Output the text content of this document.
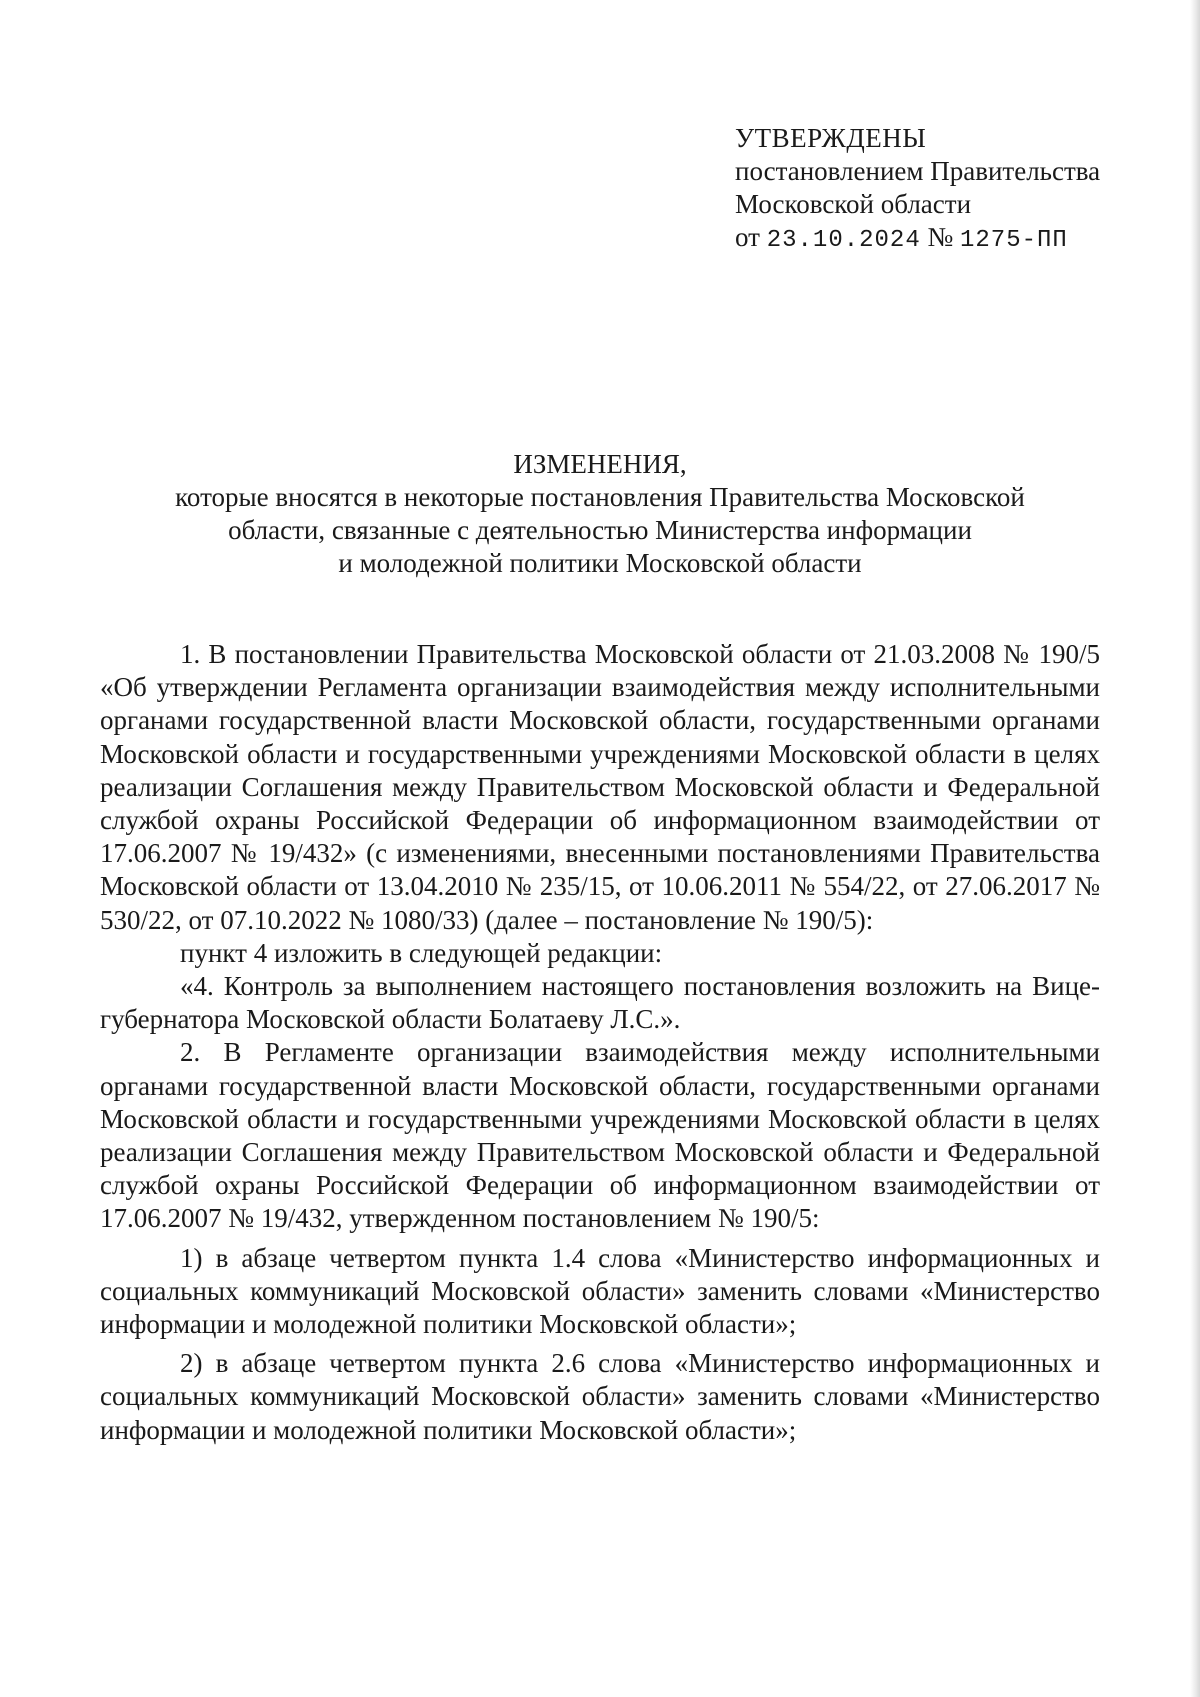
УТВЕРЖДЕНЫ
постановлением Правительства
Московской области
от 23.10.2024 № 1275-ПП
ИЗМЕНЕНИЯ,
которые вносятся в некоторые постановления Правительства Московской
области, связанные с деятельностью Министерства информации
и молодежной политики Московской области

1. В постановлении Правительства Московской области от 21.03.2008 № 190/5 «Об утверждении Регламента организации взаимодействия между исполнительными органами государственной власти Московской области, государственными органами Московской области и государственными учреждениями Московской области в целях реализации Соглашения между Правительством Московской области и Федеральной службой охраны Российской Федерации об информационном взаимодействии от 17.06.2007 № 19/432» (с изменениями, внесенными постановлениями Правительства Московской области от 13.04.2010 № 235/15, от 10.06.2011 № 554/22, от 27.06.2017 № 530/22, от 07.10.2022 № 1080/33) (далее – постановление № 190/5):

пункт 4 изложить в следующей редакции:

«4. Контроль за выполнением настоящего постановления возложить на Вице-губернатора Московской области Болатаеву Л.С.».

2. В Регламенте организации взаимодействия между исполнительными органами государственной власти Московской области, государственными органами Московской области и государственными учреждениями Московской области в целях реализации Соглашения между Правительством Московской области и Федеральной службой охраны Российской Федерации об информационном взаимодействии от 17.06.2007 № 19/432, утвержденном постановлением № 190/5:

1) в абзаце четвертом пункта 1.4 слова «Министерство информационных и социальных коммуникаций Московской области» заменить словами «Министерство информации и молодежной политики Московской области»;

2) в абзаце четвертом пункта 2.6 слова «Министерство информационных и социальных коммуникаций Московской области» заменить словами «Министерство информации и молодежной политики Московской области»;
